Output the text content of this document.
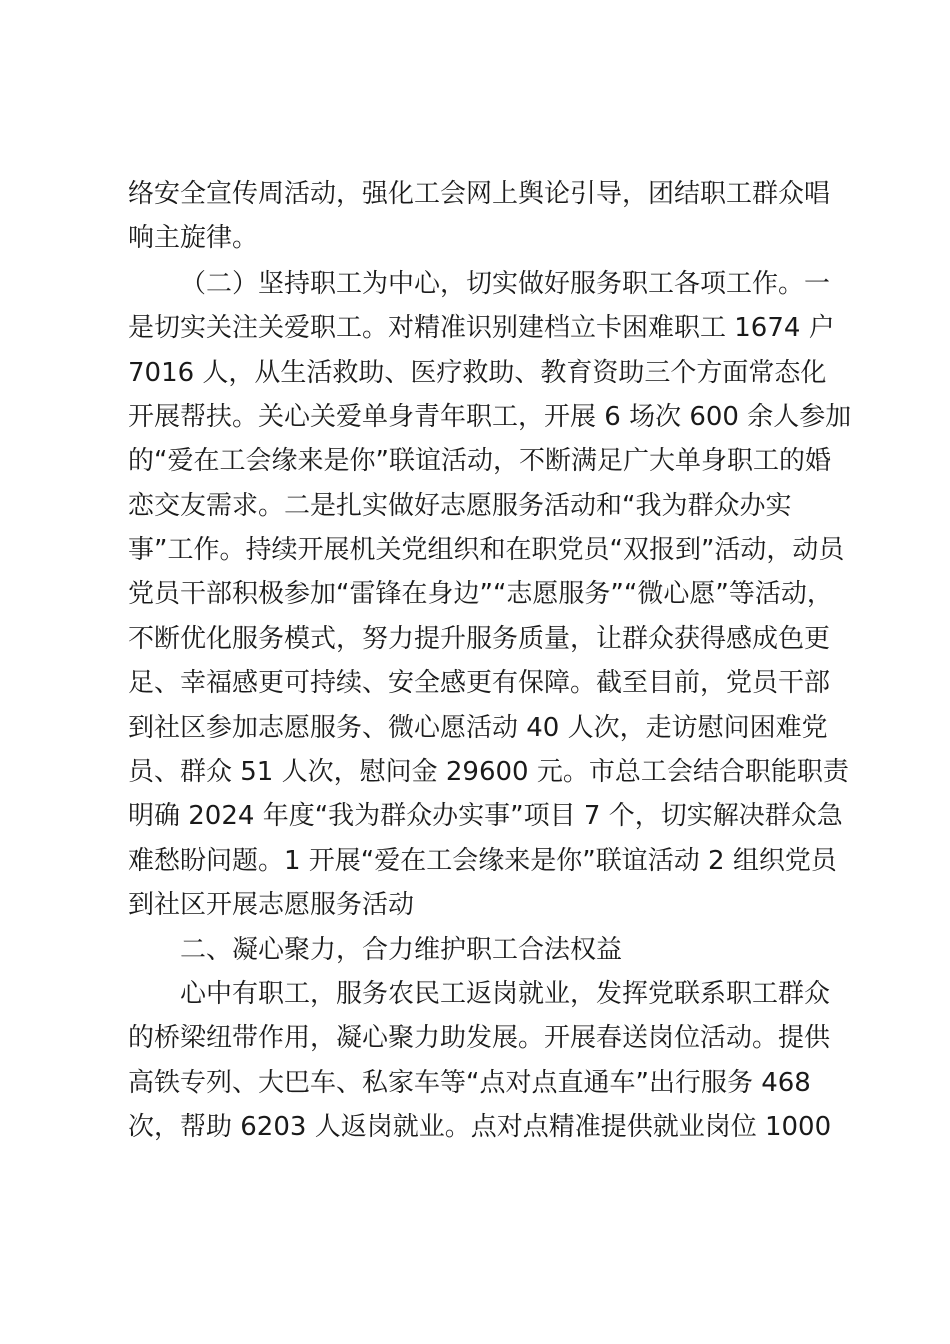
络安全宣传周活动，强化工会网上舆论引导，团结职工群众唱
响主旋律。
（二）坚持职工为中心，切实做好服务职工各项工作。一
是切实关注关爱职工。对精准识别建档立卡困难职工 1674 户
7016 人，从生活救助、医疗救助、教育资助三个方面常态化
开展帮扶。关心关爱单身青年职工，开展 6 场次 600 余人参加
的“爱在工会缘来是你”联谊活动，不断满足广大单身职工的婚
恋交友需求。二是扎实做好志愿服务活动和“我为群众办实
事”工作。持续开展机关党组织和在职党员“双报到”活动，动员
党员干部积极参加“雷锋在身边”“志愿服务”“微心愿”等活动，
不断优化服务模式，努力提升服务质量，让群众获得感成色更
足、幸福感更可持续、安全感更有保障。截至目前，党员干部
到社区参加志愿服务、微心愿活动 40 人次，走访慰问困难党
员、群众 51 人次，慰问金 29600 元。市总工会结合职能职责
明确 2024 年度“我为群众办实事”项目 7 个，切实解决群众急
难愁盼问题。1 开展“爱在工会缘来是你”联谊活动 2 组织党员
到社区开展志愿服务活动
二、凝心聚力，合力维护职工合法权益
心中有职工，服务农民工返岗就业，发挥党联系职工群众
的桥梁纽带作用，凝心聚力助发展。开展春送岗位活动。提供
高铁专列、大巴车、私家车等“点对点直通车”出行服务 468
次，帮助 6203 人返岗就业。点对点精准提供就业岗位 1000
